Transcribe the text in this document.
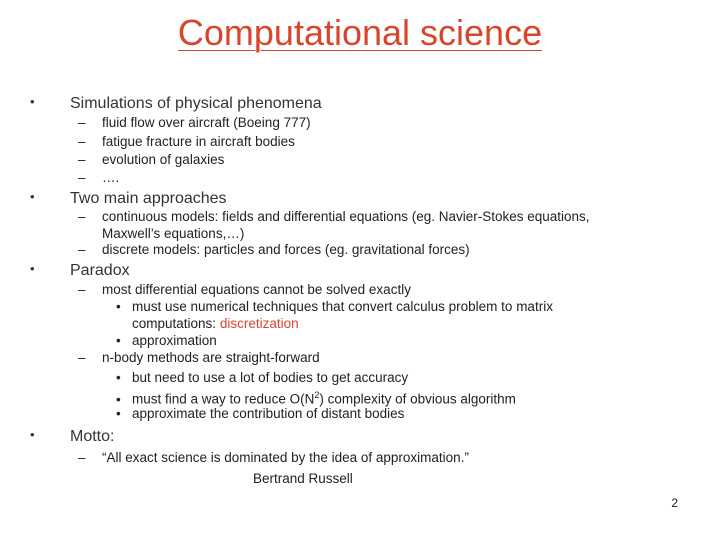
Computational science
• Simulations of physical phenomena
– fluid flow over aircraft (Boeing 777)
– fatigue fracture in aircraft bodies
– evolution of galaxies
– ….
• Two main approaches
– continuous models: fields and differential equations (eg. Navier-Stokes equations,
Maxwell’s equations,…)
– discrete models: particles and forces (eg. gravitational forces)
• Paradox
– most differential equations cannot be solved exactly
• must use numerical techniques that convert calculus problem to matrix
computations: discretization
• approximation
– n-body methods are straight-forward
• but need to use a lot of bodies to get accuracy
• must find a way to reduce $O(N^2)$ complexity of obvious algorithm
• approximate the contribution of distant bodies
• Motto:
– “All exact science is dominated by the idea of approximation.”
Bertrand Russell
2
